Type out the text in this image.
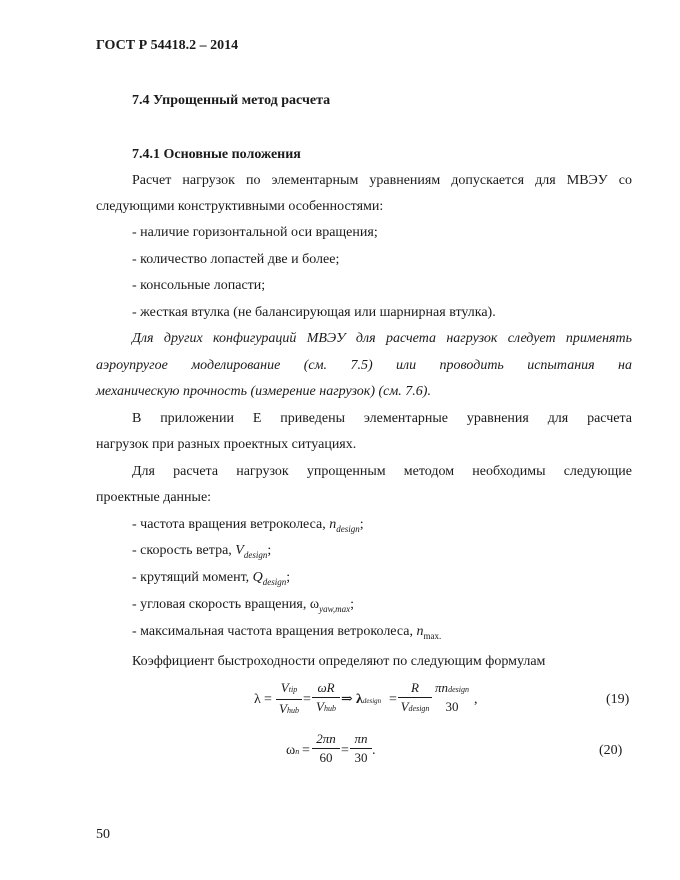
ГОСТ Р 54418.2 – 2014
7.4 Упрощенный метод расчета
7.4.1 Основные положения
Расчет нагрузок по элементарным уравнениям допускается для МВЭУ со
следующими конструктивными особенностями:
- наличие горизонтальной оси вращения;
- количество лопастей две и более;
- консольные лопасти;
- жесткая втулка (не балансирующая или шарнирная втулка).
Для других конфигураций МВЭУ для расчета нагрузок следует применять
аэроупругое моделирование (см. 7.5) или проводить испытания на
механическую прочность (измерение нагрузок) (см. 7.6).
В приложении Е приведены элементарные уравнения для расчета
нагрузок при разных проектных ситуациях.
Для расчета нагрузок упрощенным методом необходимы следующие
проектные данные:
- частота вращения ветроколеса, $n_{design}$;
- скорость ветра, $V_{design}$;
- крутящий момент, $Q_{design}$;
- угловая скорость вращения, $\omega_{yaw,max}$;
- максимальная частота вращения ветроколеса, $n_{max.}$
Коэффициент быстроходности определяют по следующим формулам
λ =
Vtip
Vhub
=
ωR
Vhub
⇒ λdesign =
R
Vdesign
πndesign
30	,	(19)
ωn =
2πn
60 =
πn
30 .	(20)
50
